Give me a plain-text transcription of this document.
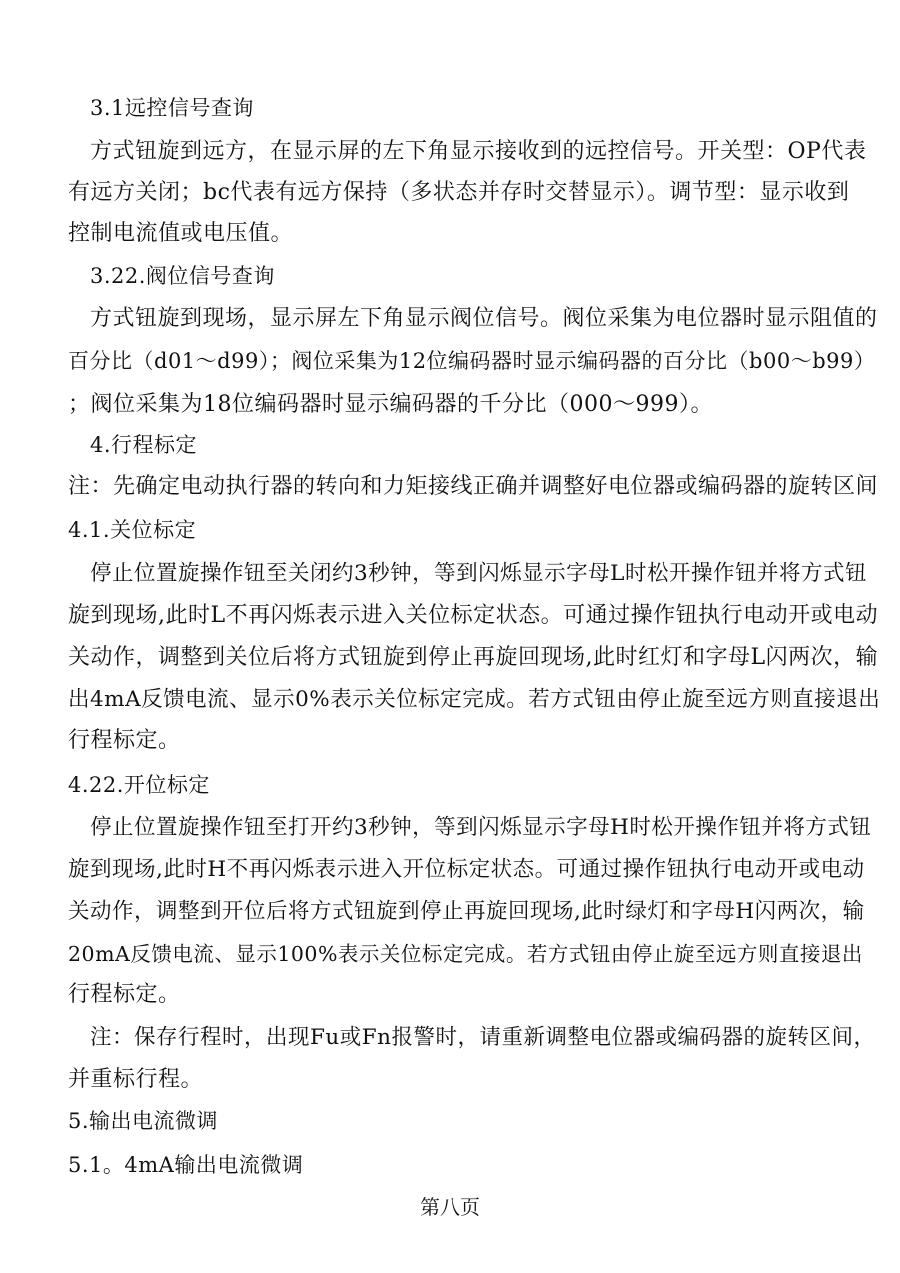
3.1远控信号查询
方式钮旋到远方，在显示屏的左下角显示接收到的远控信号。开关型：OP代表
有远方关闭；bc代表有远方保持（多状态并存时交替显示）。调节型：显示收到
控制电流值或电压值。
3.22.阀位信号查询
方式钮旋到现场，显示屏左下角显示阀位信号。阀位采集为电位器时显示阻值的
百分比（d01～d99）；阀位采集为12位编码器时显示编码器的百分比（b00～b99）
；阀位采集为18位编码器时显示编码器的千分比（000～999）。
4.行程标定
注：先确定电动执行器的转向和力矩接线正确并调整好电位器或编码器的旋转区间
4.1.关位标定
停止位置旋操作钮至关闭约3秒钟，等到闪烁显示字母L时松开操作钮并将方式钮
旋到现场,此时L不再闪烁表示进入关位标定状态。可通过操作钮执行电动开或电动
关动作，调整到关位后将方式钮旋到停止再旋回现场,此时红灯和字母L闪两次，输
出4mA反馈电流、显示0%表示关位标定完成。若方式钮由停止旋至远方则直接退出
行程标定。
4.22.开位标定
停止位置旋操作钮至打开约3秒钟，等到闪烁显示字母H时松开操作钮并将方式钮
旋到现场,此时H不再闪烁表示进入开位标定状态。可通过操作钮执行电动开或电动
关动作，调整到开位后将方式钮旋到停止再旋回现场,此时绿灯和字母H闪两次，输
20mA反馈电流、显示100%表示关位标定完成。若方式钮由停止旋至远方则直接退出
行程标定。
注：保存行程时，出现Fu或Fn报警时，请重新调整电位器或编码器的旋转区间，
并重标行程。
5.输出电流微调
5.1。4mA输出电流微调
第八页
